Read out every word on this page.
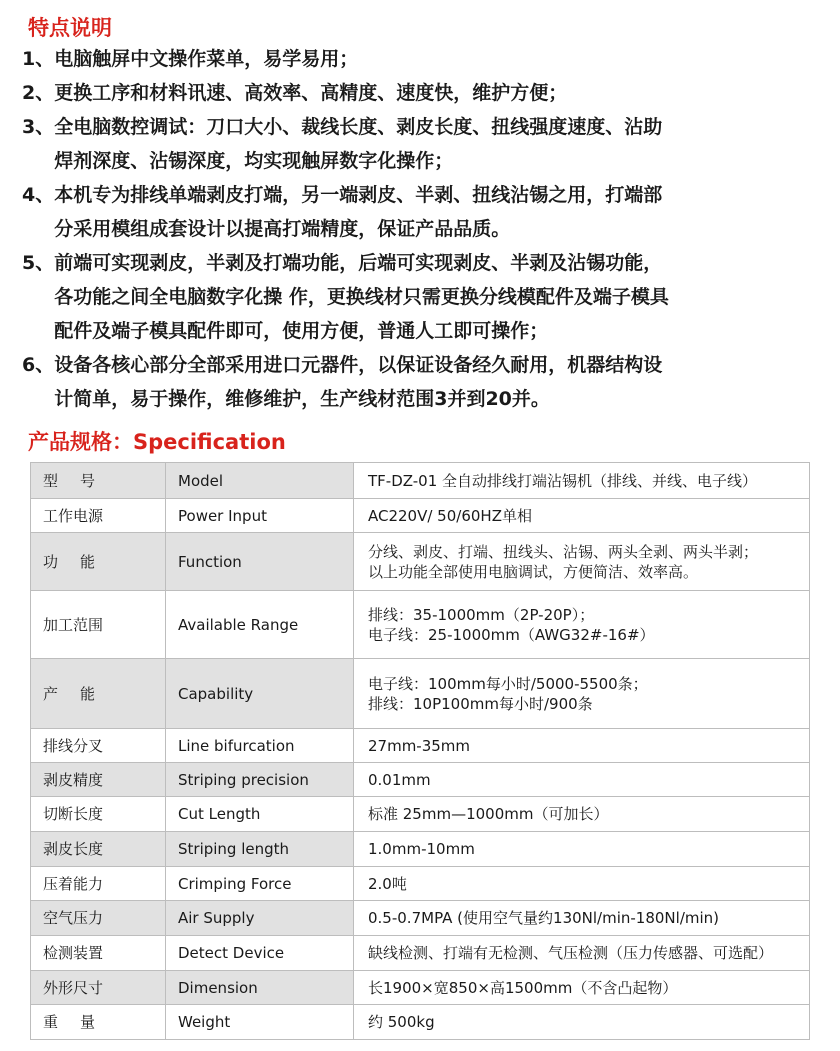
特点说明
1、 电脑触屏中文操作菜单，易学易用；
2、 更换工序和材料讯速、高效率、高精度、速度快，维护方便；
3、 全电脑数控调试：刀口大小、裁线长度、剥皮长度、扭线强度速度、沾助
焊剂深度、沾锡深度，均实现触屏数字化操作；
4、 本机专为排线单端剥皮打端，另一端剥皮、半剥、扭线沾锡之用，打端部
分采用模组成套设计以提高打端精度，保证产品品质。
5、 前端可实现剥皮，半剥及打端功能，后端可实现剥皮、半剥及沾锡功能，
各功能之间全电脑数字化操 作，更换线材只需更换分线模配件及端子模具
配件及端子模具配件即可，使用方便，普通人工即可操作；
6、 设备各核心部分全部采用进口元器件，以保证设备经久耐用，机器结构设
计简单，易于操作，维修维护，生产线材范围3并到20并。
产品规格：Specification
型号	Model	TF-DZ-01 全自动排线打端沾锡机（排线、并线、电子线）

工作电源	Power Input	AC220V/ 50/60HZ单相

功能	Function	分线、剥皮、打端、扭线头、沾锡、两头全剥、两头半剥；
以上功能全部使用电脑调试，方便简洁、效率高。

加工范围	Available Range	排线：35-1000mm（2P-20P）；
电子线：25-1000mm（AWG32#-16#）

产能	Capability	电子线：100mm每小时/5000-5500条；
排线：10P100mm每小时/900条

排线分叉	Line bifurcation	27mm-35mm

剥皮精度	Striping precision	0.01mm

切断长度	Cut Length	标准 25mm—1000mm（可加长）

剥皮长度	Striping length	1.0mm-10mm

压着能力	Crimping Force	2.0吨

空气压力	Air Supply	0.5-0.7MPA (使用空气量约130Nl/min-180Nl/min)

检测装置	Detect Device	缺线检测、打端有无检测、气压检测（压力传感器、可选配）

外形尺寸	Dimension	长1900×宽850×高1500mm（不含凸起物）

重量	Weight	约 500kg
